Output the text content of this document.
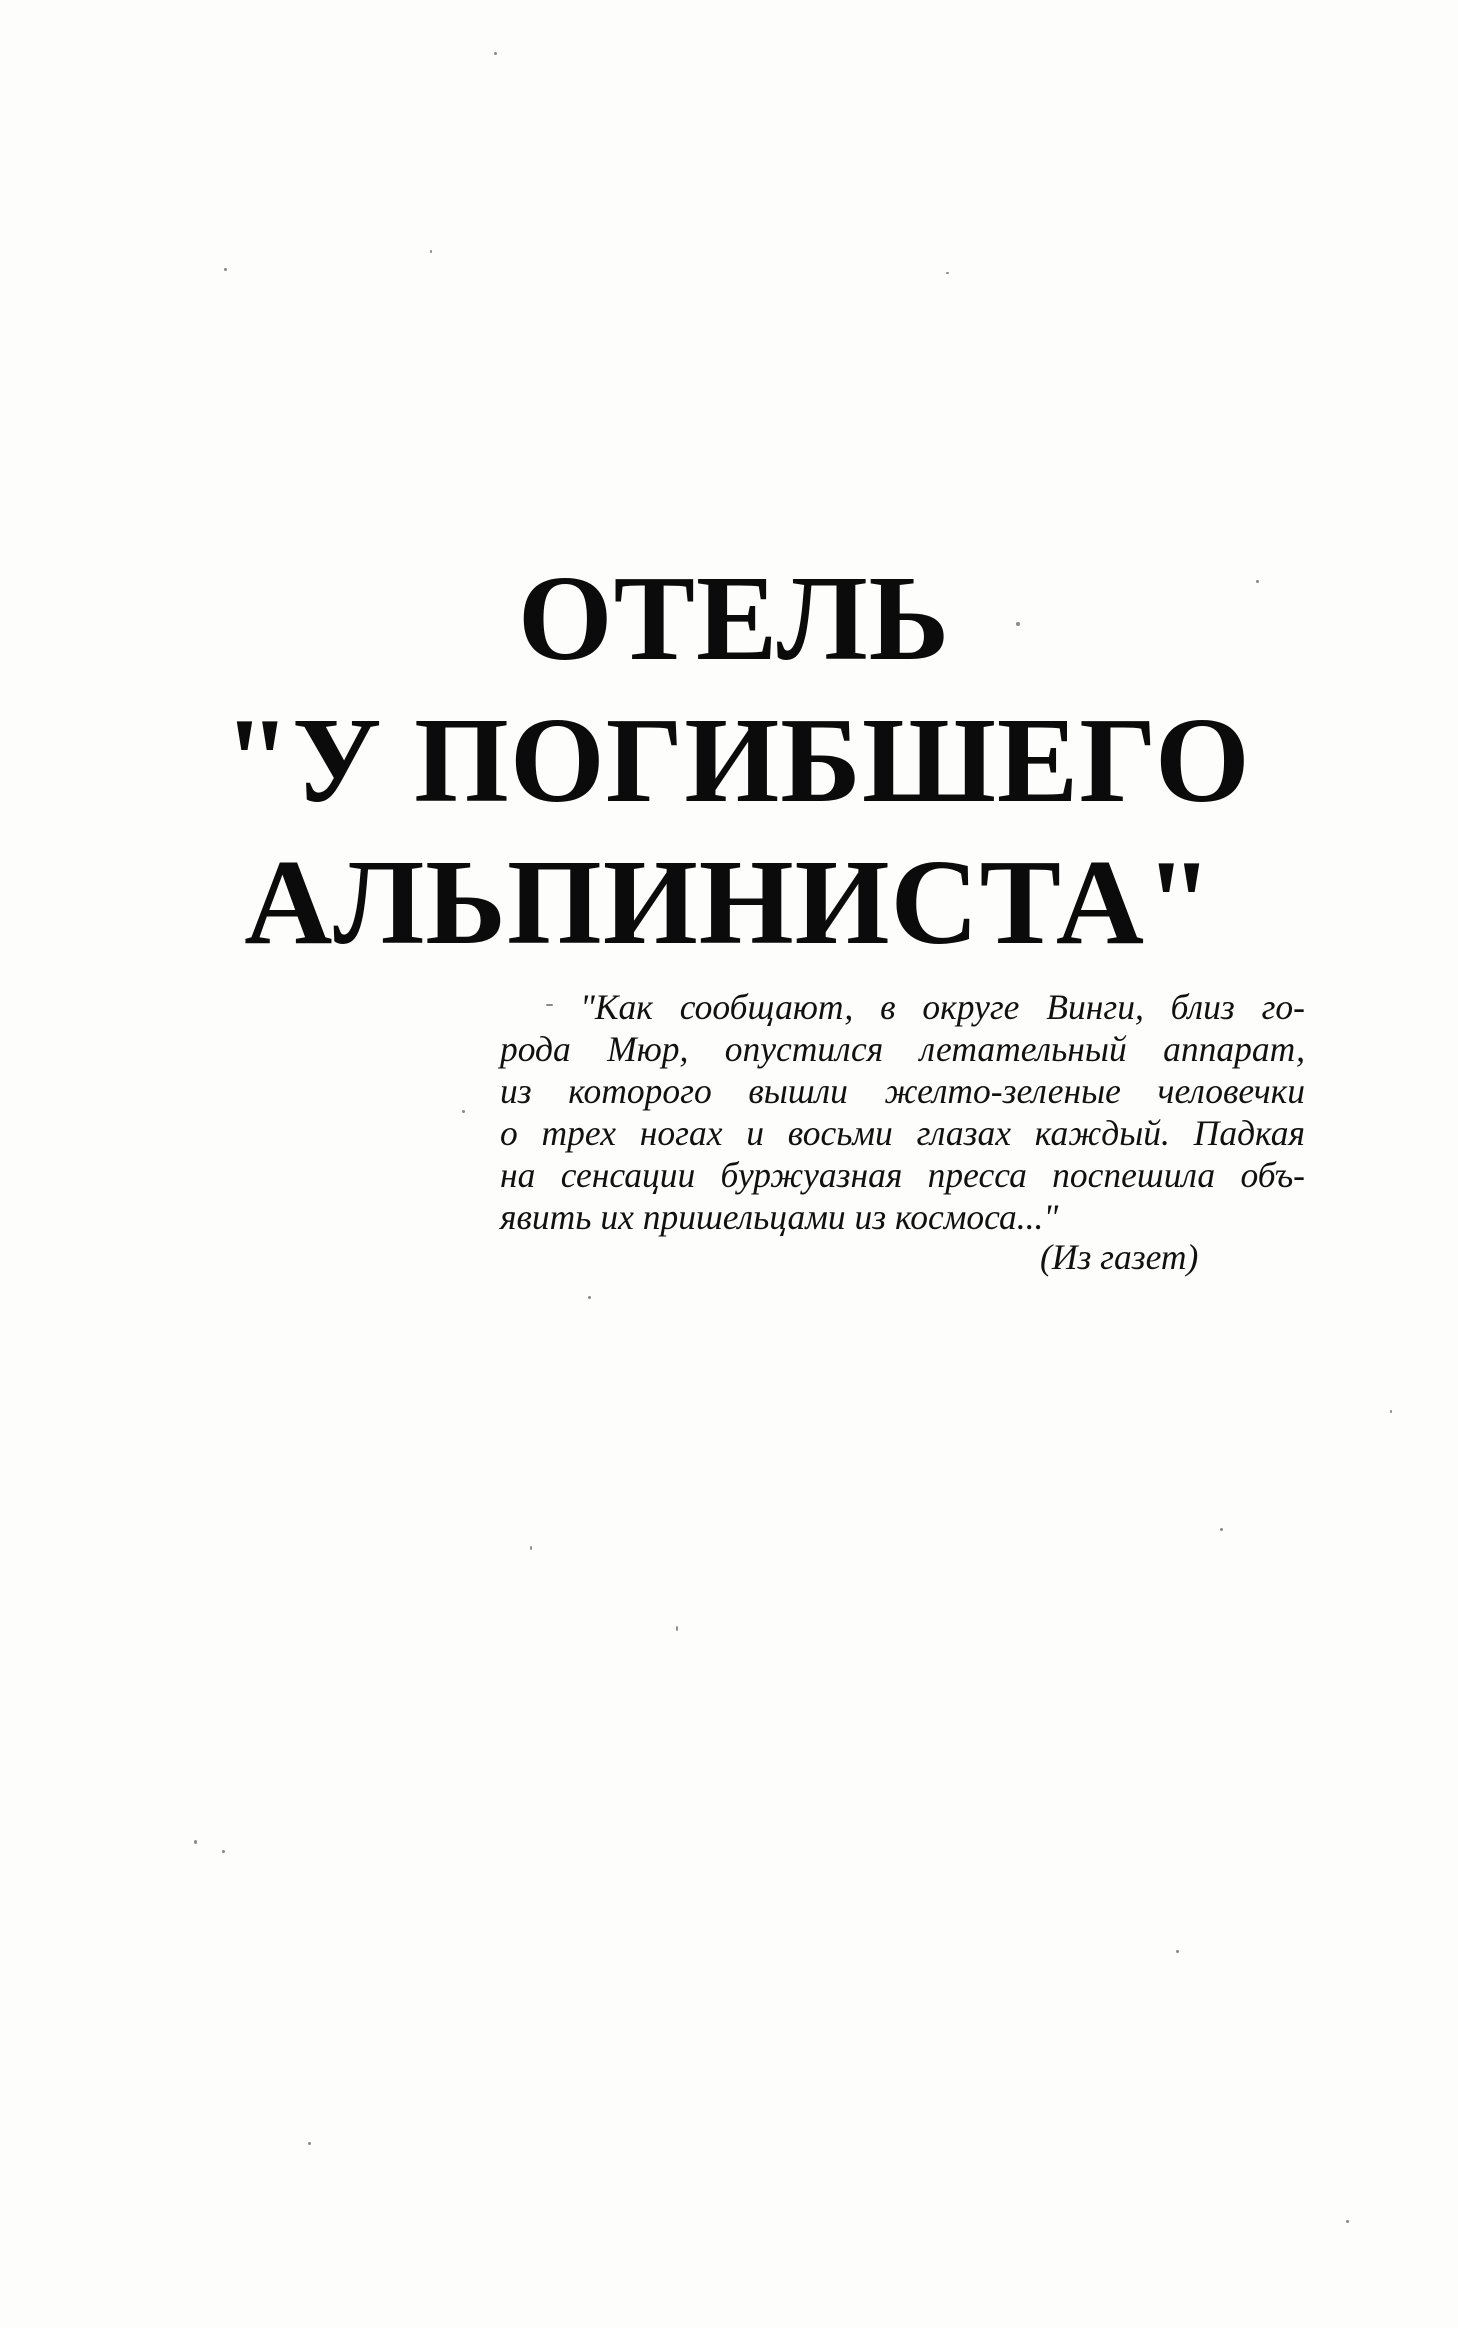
ОТЕЛЬ
"У ПОГИБШЕГО
АЛЬПИНИСТА"
"Как сообщают, в округе Винги, близ го-
рода Мюр, опустился летательный аппарат,
из которого вышли желто-зеленые человечки
о трех ногах и восьми глазах каждый. Падкая
на сенсации буржуазная пресса поспешила объ-
явить их пришельцами из космоса..."
(Из газет)
